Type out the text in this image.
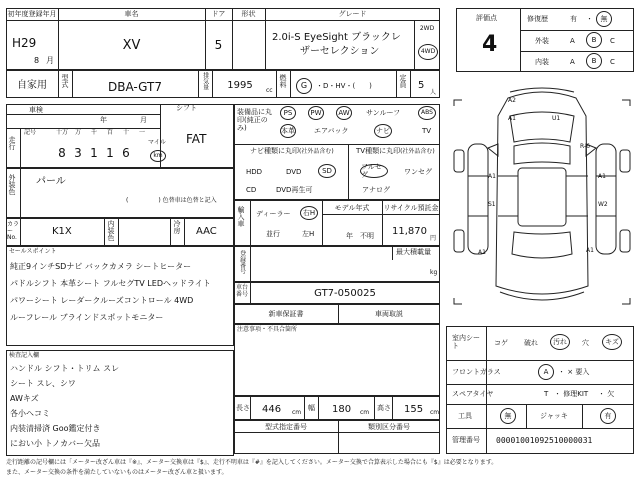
初年度登録年月
H29
8 月
車名
XV
ドア
5
形状	グレード
2.0i-S EyeSight ブラックレ
ザーセレクション
2WD
4WD
自家用	型式	DBA-GT7	排気量	1995	cc
燃料 G ・D・HV・(　　)	定員 5
人
評価点
4
修復歴	有 ・ 無
外装	A B C
内装	A B C
車検
年	月
シフト
FAT
走行
記号	十万	万	千	百	十	一
8 3 1 1 6
マイル
km
装備品に丸印(純正のみ)
PS	PW AW サンルーフ	ABS
本革	エアバック	ナビ	TV
ナビ種類に丸印(社外品含む)
HDD	DVD	SD
CD	DVD再生可
TV種類に丸印(社外品含む)
フルセグ	ワンセグ
アナログ
外装色 パール
(　　　　　) 色替車は色替と記入
カラーNo.
K1X	内装色	冷房 AAC
輸入車 ディーラー 右H
並行	左H
モデル年式
年　不明
リサイクル預託金
11,870
円
セールスポイント
純正9インチSDナビ バックカメラ シートヒーター
パドルシフト 本革シート フルセグTV LEDヘッドライト
パワーシート レーダークルーズコントロール 4WD
ルーフレール ブラインドスポットモニター
登録番号	最大積載量
kg
車台番号	GT7-050025
新車保証書	車両取説
注意事項・不具合箇所
検査記入欄
ハンドル シフト・トリム スレ
シート スレ、シワ
AWキズ
各小ヘコミ
内装清掃済 Goo鑑定付き
におい小 トノカバー欠品
長さ 446 cm
幅 180 cm
高さ 155 cm
型式指定番号	類別区分番号
A2
A1
S1
A1
W2
A1
A1
R-6
U1
A1
室内シート	コゲ 破れ 汚れ 穴 キズ
フロントガラス	A ・ × 要入
スペアタイヤ	T ・ 修理KIT ・ 欠
工具	無	ジャッキ	有
管理番号 00001001092510000031
走行距離の記号欄には「メーター改ざん車は『※』、メーター交換車は『$』、走行不明車は『#』を記入してください。メーター交換で合算表示した場合にも『$』は必要となります。
また、メーター交換の条件を満たしていないものはメーター改ざん車と扱います。
